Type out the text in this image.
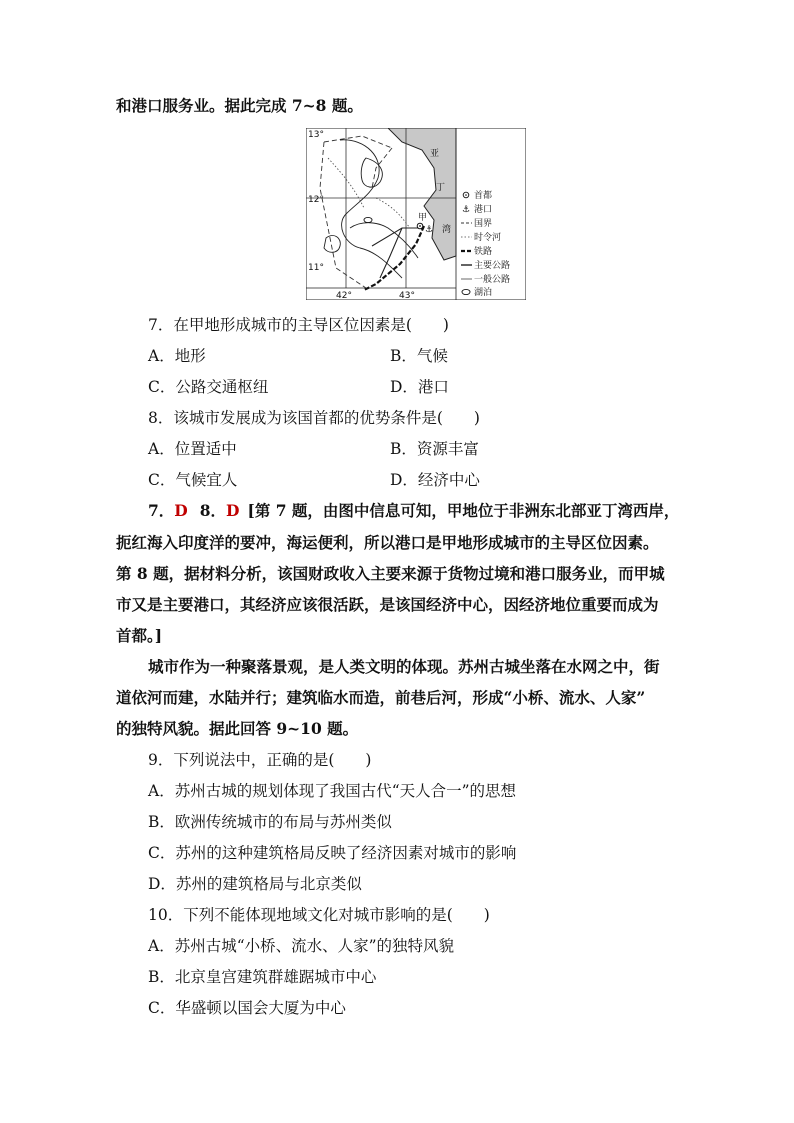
和港口服务业。据此完成 7~8 题。
⚓
13°
12°
11°
42°	43°
亚
丁
湾
甲
首都
⚓ 港口
国界
时令河
铁路
主要公路
一般公路
湖泊
7．在甲地形成城市的主导区位因素是(　　)
A．地形	B．气候
C．公路交通枢纽	D．港口
8．该城市发展成为该国首都的优势条件是(　　)
A．位置适中	B．资源丰富
C．气候宜人	D．经济中心
7．D 8．D [第 7 题，由图中信息可知，甲地位于非洲东北部亚丁湾西岸，
扼红海入印度洋的要冲，海运便利，所以港口是甲地形成城市的主导区位因素。
第 8 题，据材料分析，该国财政收入主要来源于货物过境和港口服务业，而甲城
市又是主要港口，其经济应该很活跃，是该国经济中心，因经济地位重要而成为
首都。]
城市作为一种聚落景观，是人类文明的体现。苏州古城坐落在水网之中，街
道依河而建，水陆并行；建筑临水而造，前巷后河，形成“小桥、流水、人家”
的独特风貌。据此回答 9~10 题。
9．下列说法中，正确的是(　　)
A．苏州古城的规划体现了我国古代“天人合一”的思想
B．欧洲传统城市的布局与苏州类似
C．苏州的这种建筑格局反映了经济因素对城市的影响
D．苏州的建筑格局与北京类似
10．下列不能体现地域文化对城市影响的是(　　)
A．苏州古城“小桥、流水、人家”的独特风貌
B．北京皇宫建筑群雄踞城市中心
C．华盛顿以国会大厦为中心
